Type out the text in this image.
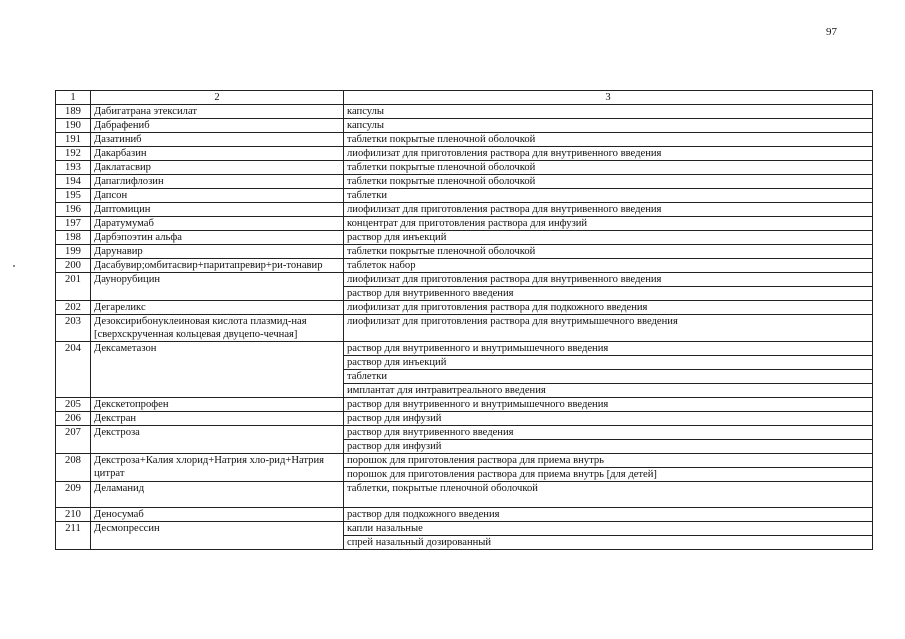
97
1	2	3
189	Дабигатрана этексилат	капсулы

190	Дабрафениб	капсулы

191	Дазатиниб	таблетки покрытые пленочной оболочкой

192	Дакарбазин	лиофилизат для приготовления раствора для внутривенного введения

193	Даклатасвир	таблетки покрытые пленочной оболочкой

194	Дапаглифлозин	таблетки покрытые пленочной оболочкой

195	Дапсон	таблетки

196	Даптомицин	лиофилизат для приготовления раствора для внутривенного введения

197	Даратумумаб	концентрат для приготовления раствора для инфузий

198	Дарбэпоэтин альфа	раствор для инъекций

199	Дарунавир	таблетки покрытые пленочной оболочкой

200	Дасабувир;омбитасвир+паритапревир+ри-тонавир	таблеток набор

201	Даунорубицин	лиофилизат для приготовления раствора для внутривенного введения
раствор для внутривенного введения

202	Дегареликс	лиофилизат для приготовления раствора для подкожного введения

203	Дезоксирибонуклеиновая кислота плазмид-ная [сверхскрученная кольцевая двуцепо-чечная]	лиофилизат для приготовления раствора для внутримышечного введения

204	Дексаметазон	раствор для внутривенного и внутримышечного введения
раствор для инъекций
таблетки
имплантат для интравитреального введения

205	Декскетопрофен	раствор для внутривенного и внутримышечного введения

206	Декстран	раствор для инфузий

207	Декстроза	раствор для внутривенного введения
раствор для инфузий

208	Декстроза+Калия хлорид+Натрия хло-рид+Натрия цитрат	порошок для приготовления раствора для приема внутрь
порошок для приготовления раствора для приема внутрь [для детей]

209	Деламанид	таблетки, покрытые пленочной оболочкой

210	Деносумаб	раствор для подкожного введения

211	Десмопрессин	капли назальные
спрей назальный дозированный
